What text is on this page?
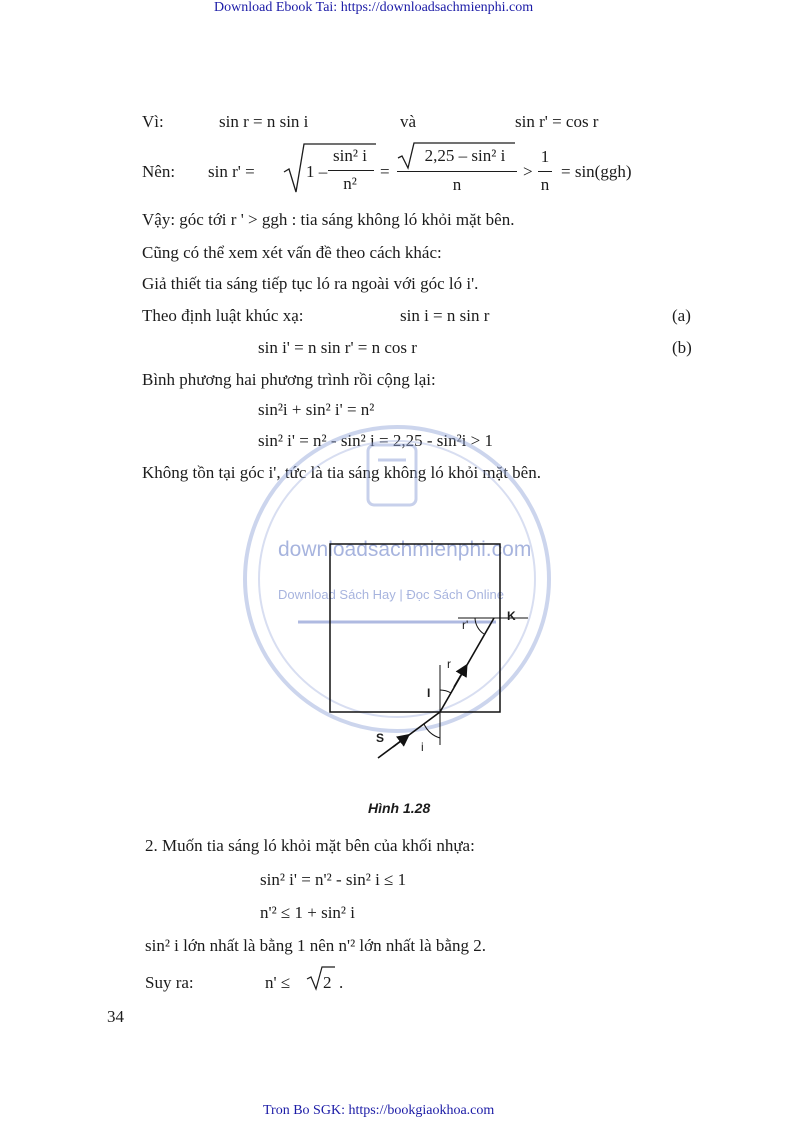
Download Ebook Tai: https://downloadsachmienphi.com
Tron Bo SGK: https://bookgiaokhoa.com
Vì:	sin r = n sin i	và	sin r' = cos r
Nên: sin r' =	1 –
sin² i
n²
=
2,25 – sin² i
n
>
1
n
= sin(ggh)
Vậy: góc tới r ' > ggh : tia sáng không ló khỏi mặt bên.
Cũng có thể xem xét vấn đề theo cách khác:
Giả thiết tia sáng tiếp tục ló ra ngoài với góc ló i'.
Theo định luật khúc xạ:	sin i = n sin r	(a)
sin i' = n sin r' = n cos r	(b)
Bình phương hai phương trình rồi cộng lại:
sin²i + sin² i' = n²
sin² i' = n² - sin² i = 2,25 - sin²i > 1
Không tồn tại góc i', tức là tia sáng không ló khỏi mặt bên.
downloadsachmienphi.com
Download Sách Hay | Đọc Sách Online
K
r'
r
I
S
i
Hình 1.28
2. Muốn tia sáng ló khỏi mặt bên của khối nhựa:
sin² i' = n'² - sin² i ≤ 1
n'² ≤ 1 + sin² i
sin² i lớn nhất là bằng 1 nên n'² lớn nhất là bằng 2.
Suy ra:	n' ≤ 2 .
34
